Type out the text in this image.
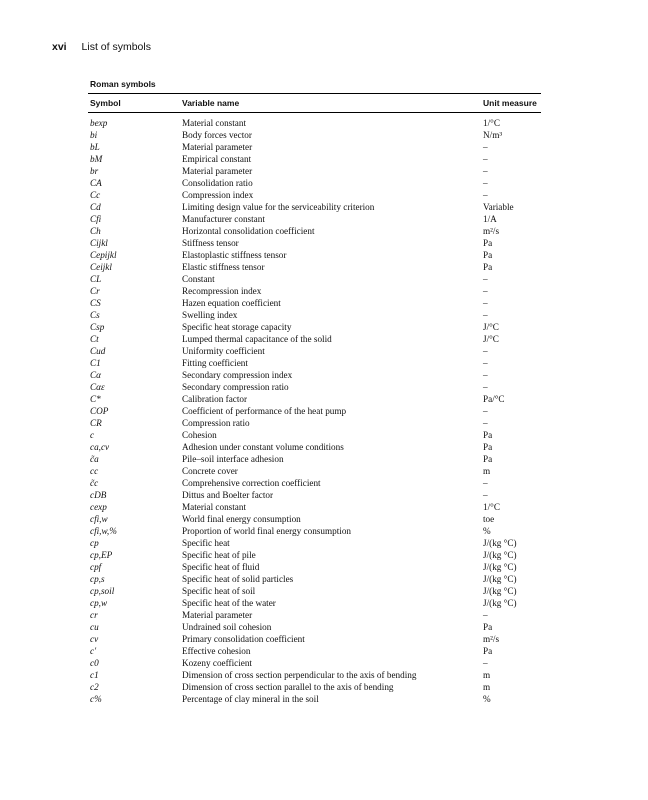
xvi List of symbols
Roman symbols
Symbol	Variable name	Unit measure
bexp	Material constant	1/°C
bi	Body forces vector	N/m³
bL	Material parameter	–
bM	Empirical constant	–
br	Material parameter	–
CA	Consolidation ratio	–
Cc	Compression index	–
Cd	Limiting design value for the serviceability criterion	Variable
Cfi	Manufacturer constant	1/A
Ch	Horizontal consolidation coefficient	m²/s
Cijkl	Stiffness tensor	Pa
Cepijkl	Elastoplastic stiffness tensor	Pa
Ceijkl	Elastic stiffness tensor	Pa
CL	Constant	–
Cr	Recompression index	–
CS	Hazen equation coefficient	–
Cs	Swelling index	–
Csp	Specific heat storage capacity	J/°C
Ct	Lumped thermal capacitance of the solid	J/°C
Cud	Uniformity coefficient	–
C1	Fitting coefficient	–
Cα	Secondary compression index	–
Cαε	Secondary compression ratio	–
C*	Calibration factor	Pa/°C
COP	Coefficient of performance of the heat pump	–
CR	Compression ratio	–
c	Cohesion	Pa
ca,cv	Adhesion under constant volume conditions	Pa
c̃a	Pile–soil interface adhesion	Pa
cc	Concrete cover	m
c̃c	Comprehensive correction coefficient	–
cDB	Dittus and Boelter factor	–
cexp	Material constant	1/°C
cfi,w	World final energy consumption	toe
cfi,w,%	Proportion of world final energy consumption	%
cp	Specific heat	J/(kg °C)
cp,EP	Specific heat of pile	J/(kg °C)
cpf	Specific heat of fluid	J/(kg °C)
cp,s	Specific heat of solid particles	J/(kg °C)
cp,soil	Specific heat of soil	J/(kg °C)
cp,w	Specific heat of the water	J/(kg °C)
cr	Material parameter	–
cu	Undrained soil cohesion	Pa
cv	Primary consolidation coefficient	m²/s
c′	Effective cohesion	Pa
c0	Kozeny coefficient	–
c1	Dimension of cross section perpendicular to the axis of bending	m
c2	Dimension of cross section parallel to the axis of bending	m
c%	Percentage of clay mineral in the soil	%
